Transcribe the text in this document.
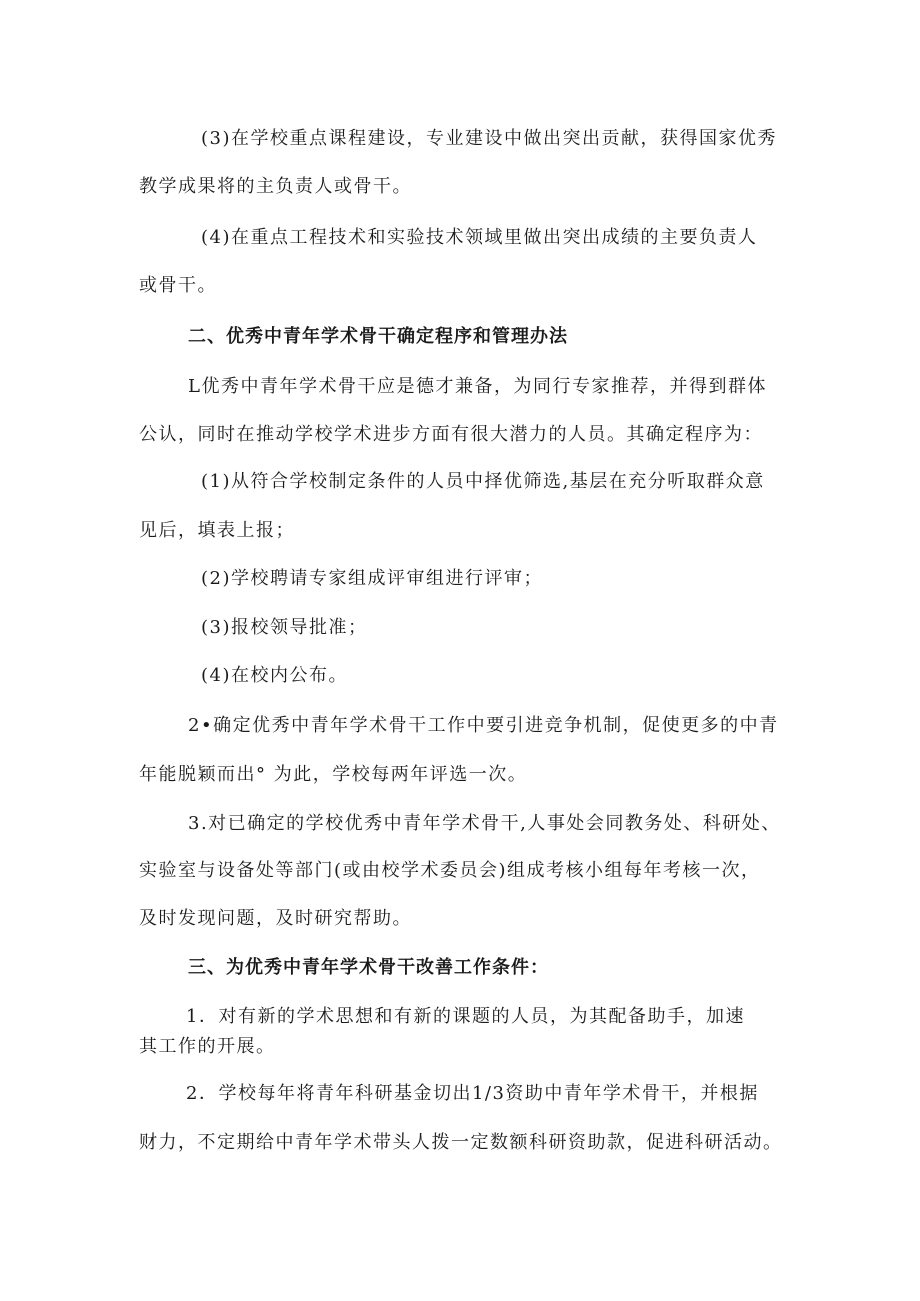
(3)在学校重点课程建设，专业建设中做出突出贡献，获得国家优秀

教学成果将的主负责人或骨干。

(4)在重点工程技术和实验技术领域里做出突出成绩的主要负责人

或骨干。

二、优秀中青年学术骨干确定程序和管理办法

L优秀中青年学术骨干应是德才兼备，为同行专家推荐，并得到群体

公认，同时在推动学校学术进步方面有很大潜力的人员。其确定程序为：

(1)从符合学校制定条件的人员中择优筛选,基层在充分听取群众意

见后，填表上报；

(2)学校聘请专家组成评审组进行评审；

(3)报校领导批准；

(4)在校内公布。

2•确定优秀中青年学术骨干工作中要引进竞争机制，促使更多的中青

年能脱颖而出° 为此，学校每两年评选一次。

3.对已确定的学校优秀中青年学术骨干,人事处会同教务处、科研处、

实验室与设备处等部门(或由校学术委员会)组成考核小组每年考核一次，

及时发现问题，及时研究帮助。

三、为优秀中青年学术骨干改善工作条件：

1．对有新的学术思想和有新的课题的人员，为其配备助手，加速

其工作的开展。

2．学校每年将青年科研基金切出1/3资助中青年学术骨干，并根据

财力，不定期给中青年学术带头人拨一定数额科研资助款，促进科研活动。
